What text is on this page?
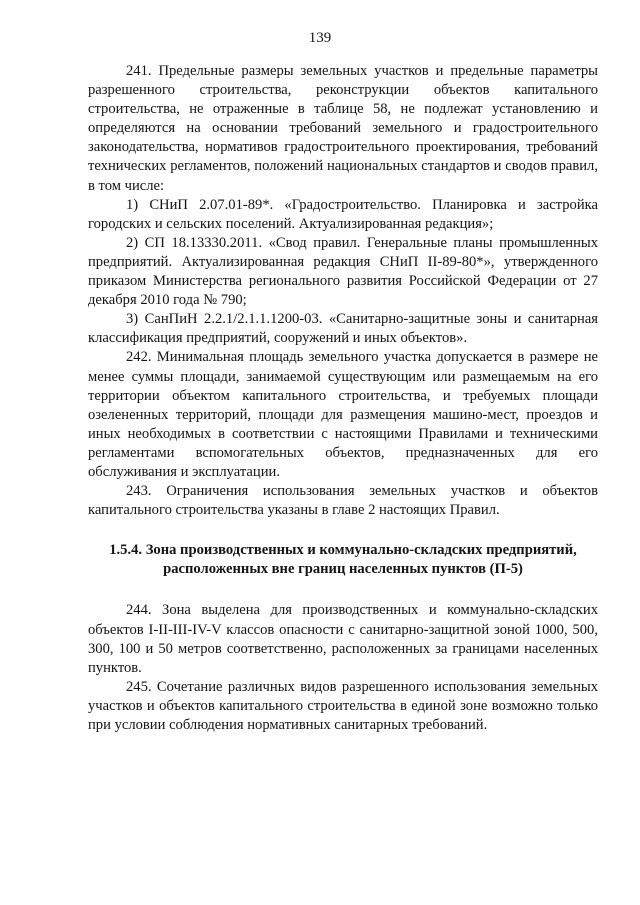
139

241. Предельные размеры земельных участков и предельные параметры разрешенного строительства, реконструкции объектов капитального строительства, не отраженные в таблице 58, не подлежат установлению и определяются на основании требований земельного и градостроительного законодательства, нормативов градостроительного проектирования, требований технических регламентов, положений национальных стандартов и сводов правил, в том числе:

1) СНиП 2.07.01-89*. «Градостроительство. Планировка и застройка городских и сельских поселений. Актуализированная редакция»;

2) СП 18.13330.2011. «Свод правил. Генеральные планы промышленных предприятий. Актуализированная редакция СНиП II-89-80*», утвержденного приказом Министерства регионального развития Российской Федерации от 27 декабря 2010 года № 790;

3) СанПиН 2.2.1/2.1.1.1200-03. «Санитарно-защитные зоны и санитарная классификация предприятий, сооружений и иных объектов».

242. Минимальная площадь земельного участка допускается в размере не менее суммы площади, занимаемой существующим или размещаемым на его территории объектом капитального строительства, и требуемых площади озелененных территорий, площади для размещения машино-мест, проездов и иных необходимых в соответствии с настоящими Правилами и техническими регламентами вспомогательных объектов, предназначенных для его обслуживания и эксплуатации.

243. Ограничения использования земельных участков и объектов капитального строительства указаны в главе 2 настоящих Правил.

1.5.4. Зона производственных и коммунально-складских предприятий,
расположенных вне границ населенных пунктов (П-5)

244. Зона выделена для производственных и коммунально-складских объектов I-II-III-IV-V классов опасности с санитарно-защитной зоной 1000, 500, 300, 100 и 50 метров соответственно, расположенных за границами населенных пунктов.

245. Сочетание различных видов разрешенного использования земельных участков и объектов капитального строительства в единой зоне возможно только при условии соблюдения нормативных санитарных требований.
